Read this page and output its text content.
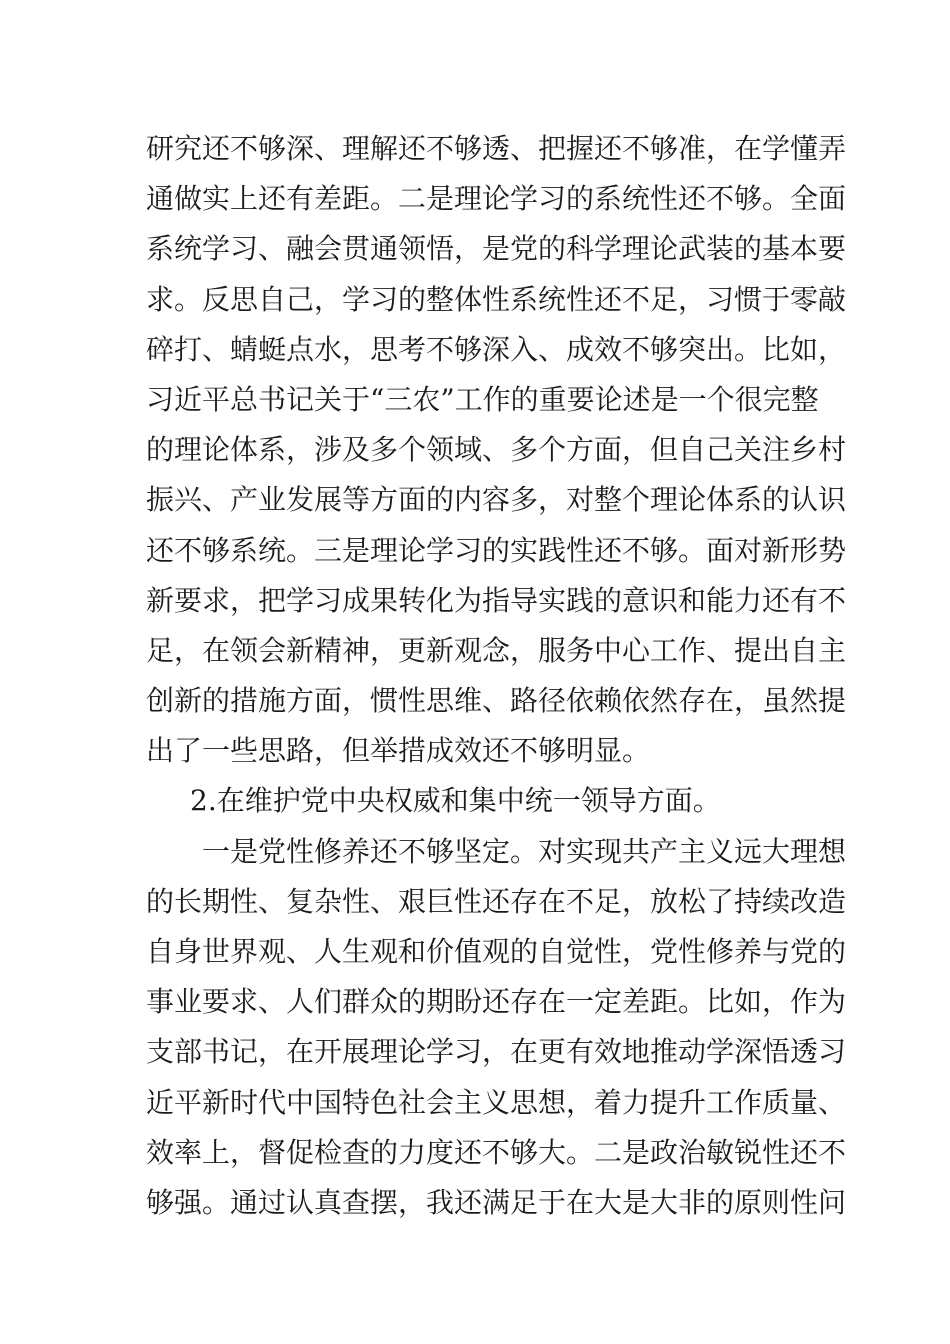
研究还不够深、理解还不够透、把握还不够准，在学懂弄
通做实上还有差距。二是理论学习的系统性还不够。全面
系统学习、融会贯通领悟，是党的科学理论武装的基本要
求。反思自己，学习的整体性系统性还不足，习惯于零敲
碎打、蜻蜓点水，思考不够深入、成效不够突出。比如，
习近平总书记关于“三农”工作的重要论述是一个很完整
的理论体系，涉及多个领域、多个方面，但自己关注乡村
振兴、产业发展等方面的内容多，对整个理论体系的认识
还不够系统。三是理论学习的实践性还不够。面对新形势
新要求，把学习成果转化为指导实践的意识和能力还有不
足，在领会新精神，更新观念，服务中心工作、提出自主
创新的措施方面，惯性思维、路径依赖依然存在，虽然提
出了一些思路，但举措成效还不够明显。
2.在维护党中央权威和集中统一领导方面。
一是党性修养还不够坚定。对实现共产主义远大理想
的长期性、复杂性、艰巨性还存在不足，放松了持续改造
自身世界观、人生观和价值观的自觉性，党性修养与党的
事业要求、人们群众的期盼还存在一定差距。比如，作为
支部书记，在开展理论学习，在更有效地推动学深悟透习
近平新时代中国特色社会主义思想，着力提升工作质量、
效率上，督促检查的力度还不够大。二是政治敏锐性还不
够强。通过认真查摆，我还满足于在大是大非的原则性问
